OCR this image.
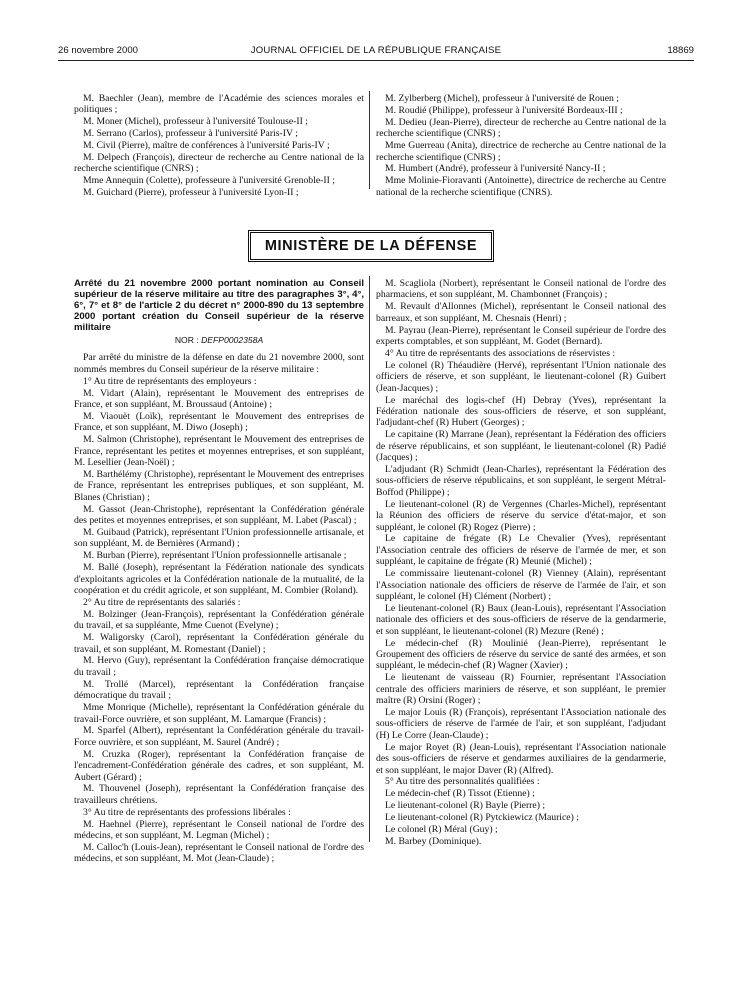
26 novembre 2000	JOURNAL OFFICIEL DE LA RÉPUBLIQUE FRANÇAISE	18869

M. Baechler (Jean), membre de l'Académie des sciences morales et politiques ;

M. Moner (Michel), professeur à l'université Toulouse-II ;

M. Serrano (Carlos), professeur à l'université Paris-IV ;

M. Civil (Pierre), maître de conférences à l'université Paris-IV ;

M. Delpech (François), directeur de recherche au Centre national de la recherche scientifique (CNRS) ;

Mme Annequin (Colette), professeure à l'université Grenoble-II ;

M. Guichard (Pierre), professeur à l'université Lyon-II ;

M. Zylberberg (Michel), professeur à l'université de Rouen ;

M. Roudié (Philippe), professeur à l'université Bordeaux-III ;

M. Dedieu (Jean-Pierre), directeur de recherche au Centre national de la recherche scientifique (CNRS) ;

Mme Guerreau (Anita), directrice de recherche au Centre national de la recherche scientifique (CNRS) ;

M. Humbert (André), professeur à l'université Nancy-II ;

Mme Molinie-Fioravanti (Antoinette), directrice de recherche au Centre national de la recherche scientifique (CNRS).

MINISTÈRE DE LA DÉFENSE

Arrêté du 21 novembre 2000 portant nomination au Conseil supérieur de la réserve militaire au titre des paragraphes 3°, 4°, 6°, 7° et 8° de l'article 2 du décret n° 2000-890 du 13 septembre 2000 portant création du Conseil supérieur de la réserve militaire

NOR : DEFP0002358A

Par arrêté du ministre de la défense en date du 21 novembre 2000, sont nommés membres du Conseil supérieur de la réserve militaire :

1° Au titre de représentants des employeurs :

M. Vidart (Alain), représentant le Mouvement des entreprises de France, et son suppléant, M. Broussaud (Antoine) ;

M. Viaouët (Loïk), représentant le Mouvement des entreprises de France, et son suppléant, M. Diwo (Joseph) ;

M. Salmon (Christophe), représentant le Mouvement des entreprises de France, représentant les petites et moyennes entreprises, et son suppléant, M. Lesellier (Jean-Noël) ;

M. Barthélémy (Christophe), représentant le Mouvement des entreprises de France, représentant les entreprises publiques, et son suppléant, M. Blanes (Christian) ;

M. Gassot (Jean-Christophe), représentant la Confédération générale des petites et moyennes entreprises, et son suppléant, M. Labet (Pascal) ;

M. Guibaud (Patrick), représentant l'Union professionnelle artisanale, et son suppléant, M. de Bernières (Armand) ;

M. Burban (Pierre), représentant l'Union professionnelle artisanale ;

M. Ballé (Joseph), représentant la Fédération nationale des syndicats d'exploitants agricoles et la Confédération nationale de la mutualité, de la coopération et du crédit agricole, et son suppléant, M. Combier (Roland).

2° Au titre de représentants des salariés :

M. Bolzinger (Jean-François), représentant la Confédération générale du travail, et sa suppléante, Mme Cuenot (Evelyne) ;

M. Waligorsky (Carol), représentant la Confédération générale du travail, et son suppléant, M. Romestant (Daniel) ;

M. Hervo (Guy), représentant la Confédération française démocratique du travail ;

M. Trollé (Marcel), représentant la Confédération française démocratique du travail ;

Mme Monrique (Michelle), représentant la Confédération générale du travail-Force ouvrière, et son suppléant, M. Lamarque (Francis) ;

M. Sparfel (Albert), représentant la Confédération générale du travail-Force ouvrière, et son suppléant, M. Saurel (André) ;

M. Cruzka (Roger), représentant la Confédération française de l'encadrement-Confédération générale des cadres, et son suppléant, M. Aubert (Gérard) ;

M. Thouvenel (Joseph), représentant la Confédération française des travailleurs chrétiens.

3° Au titre de représentants des professions libérales :

M. Haehnel (Pierre), représentant le Conseil national de l'ordre des médecins, et son suppléant, M. Legman (Michel) ;

M. Calloc'h (Louis-Jean), représentant le Conseil national de l'ordre des médecins, et son suppléant, M. Mot (Jean-Claude) ;

M. Scagliola (Norbert), représentant le Conseil national de l'ordre des pharmaciens, et son suppléant, M. Chambonnet (François) ;

M. Revault d'Allonnes (Michel), représentant le Conseil national des barreaux, et son suppléant, M. Chesnais (Henri) ;

M. Payrau (Jean-Pierre), représentant le Conseil supérieur de l'ordre des experts comptables, et son suppléant, M. Godet (Bernard).

4° Au titre de représentants des associations de réservistes :

Le colonel (R) Théaudière (Hervé), représentant l'Union nationale des officiers de réserve, et son suppléant, le lieutenant-colonel (R) Guibert (Jean-Jacques) ;

Le maréchal des logis-chef (H) Debray (Yves), représentant la Fédération nationale des sous-officiers de réserve, et son suppléant, l'adjudant-chef (R) Hubert (Georges) ;

Le capitaine (R) Marrane (Jean), représentant la Fédération des officiers de réserve républicains, et son suppléant, le lieutenant-colonel (R) Padié (Jacques) ;

L'adjudant (R) Schmidt (Jean-Charles), représentant la Fédération des sous-officiers de réserve républicains, et son suppléant, le sergent Métral-Boffod (Philippe) ;

Le lieutenant-colonel (R) de Vergennes (Charles-Michel), représentant la Réunion des officiers de réserve du service d'état-major, et son suppléant, le colonel (R) Rogez (Pierre) ;

Le capitaine de frégate (R) Le Chevalier (Yves), représentant l'Association centrale des officiers de réserve de l'armée de mer, et son suppléant, le capitaine de frégate (R) Meunié (Michel) ;

Le commissaire lieutenant-colonel (R) Vienney (Alain), représentant l'Association nationale des officiers de réserve de l'armée de l'air, et son suppléant, le colonel (H) Clément (Norbert) ;

Le lieutenant-colonel (R) Baux (Jean-Louis), représentant l'Association nationale des officiers et des sous-officiers de réserve de la gendarmerie, et son suppléant, le lieutenant-colonel (R) Mezure (René) ;

Le médecin-chef (R) Moulinié (Jean-Pierre), représentant le Groupement des officiers de réserve du service de santé des armées, et son suppléant, le médecin-chef (R) Wagner (Xavier) ;

Le lieutenant de vaisseau (R) Fournier, représentant l'Association centrale des officiers mariniers de réserve, et son suppléant, le premier maître (R) Orsini (Roger) ;

Le major Louis (R) (François), représentant l'Association nationale des sous-officiers de réserve de l'armée de l'air, et son suppléant, l'adjudant (H) Le Corre (Jean-Claude) ;

Le major Royet (R) (Jean-Louis), représentant l'Association nationale des sous-officiers de réserve et gendarmes auxiliaires de la gendarmerie, et son suppléant, le major Daver (R) (Alfred).

5° Au titre des personnalités qualifiées :

Le médecin-chef (R) Tissot (Etienne) ;

Le lieutenant-colonel (R) Bayle (Pierre) ;

Le lieutenant-colonel (R) Pytckiewicz (Maurice) ;

Le colonel (R) Méral (Guy) ;

M. Barbey (Dominique).
